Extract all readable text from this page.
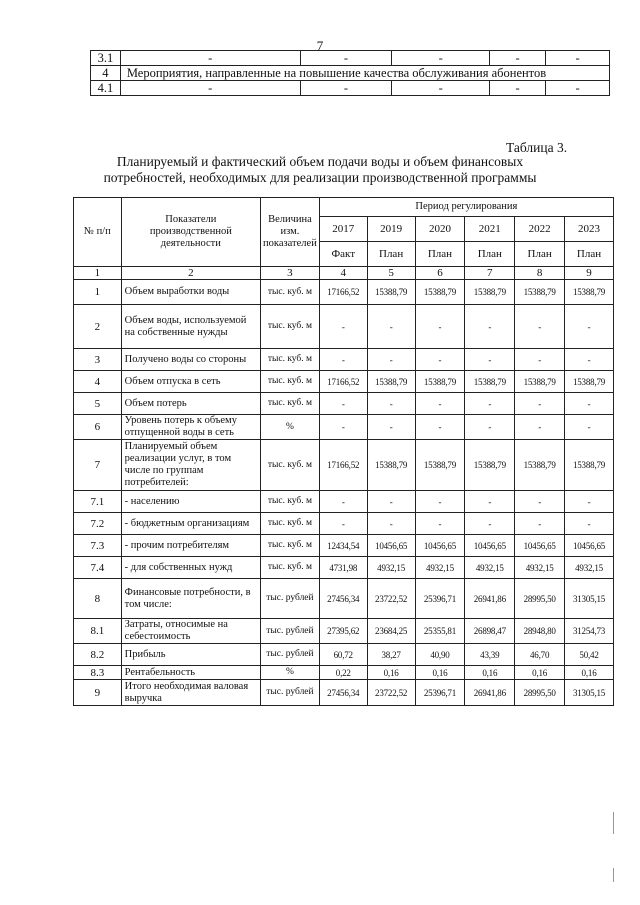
7
3.1	-	-	-	-	-
4	Мероприятия, направленные на повышение качества обслуживания абонентов				
4.1	-	-	-	-	-
Таблица 3.
Планируемый и фактический объем подачи воды и объем финансовых
потребностей, необходимых для реализации производственной программы
№ п/п	Показатели производственной деятельности	Величина изм. показателей	Период регулирования					
			2017	2019	2020	2021	2022	2023
			Факт	План	План	План	План	План
1	2	3	4	5	6	7	8	9
1	Объем выработки воды	тыс. куб. м	17166,52	15388,79	15388,79	15388,79	15388,79	15388,79
2	Объем воды, используемой на собственные нужды	тыс. куб. м	-	-	-	-	-	-
3	Получено воды со стороны	тыс. куб. м	-	-	-	-	-	-
4	Объем отпуска в сеть	тыс. куб. м	17166,52	15388,79	15388,79	15388,79	15388,79	15388,79
5	Объем потерь	тыс. куб. м	-	-	-	-	-	-
6	Уровень потерь к объему отпущенной воды в сеть	%	-	-	-	-	-	-
7	Планируемый объем реализации услуг, в том числе по группам потребителей:	тыс. куб. м	17166,52	15388,79	15388,79	15388,79	15388,79	15388,79
7.1	- населению	тыс. куб. м	-	-	-	-	-	-
7.2	- бюджетным организациям	тыс. куб. м	-	-	-	-	-	-
7.3	- прочим потребителям	тыс. куб. м	12434,54	10456,65	10456,65	10456,65	10456,65	10456,65
7.4	- для собственных нужд	тыс. куб. м	4731,98	4932,15	4932,15	4932,15	4932,15	4932,15
8	Финансовые потребности, в том числе:	тыс. рублей	27456,34	23722,52	25396,71	26941,86	28995,50	31305,15
8.1	Затраты, относимые на себестоимость	тыс. рублей	27395,62	23684,25	25355,81	26898,47	28948,80	31254,73
8.2	Прибыль	тыс. рублей	60,72	38,27	40,90	43,39	46,70	50,42
8.3	Рентабельность	%	0,22	0,16	0,16	0,16	0,16	0,16
9	Итого необходимая валовая выручка	тыс. рублей	27456,34	23722,52	25396,71	26941,86	28995,50	31305,15
